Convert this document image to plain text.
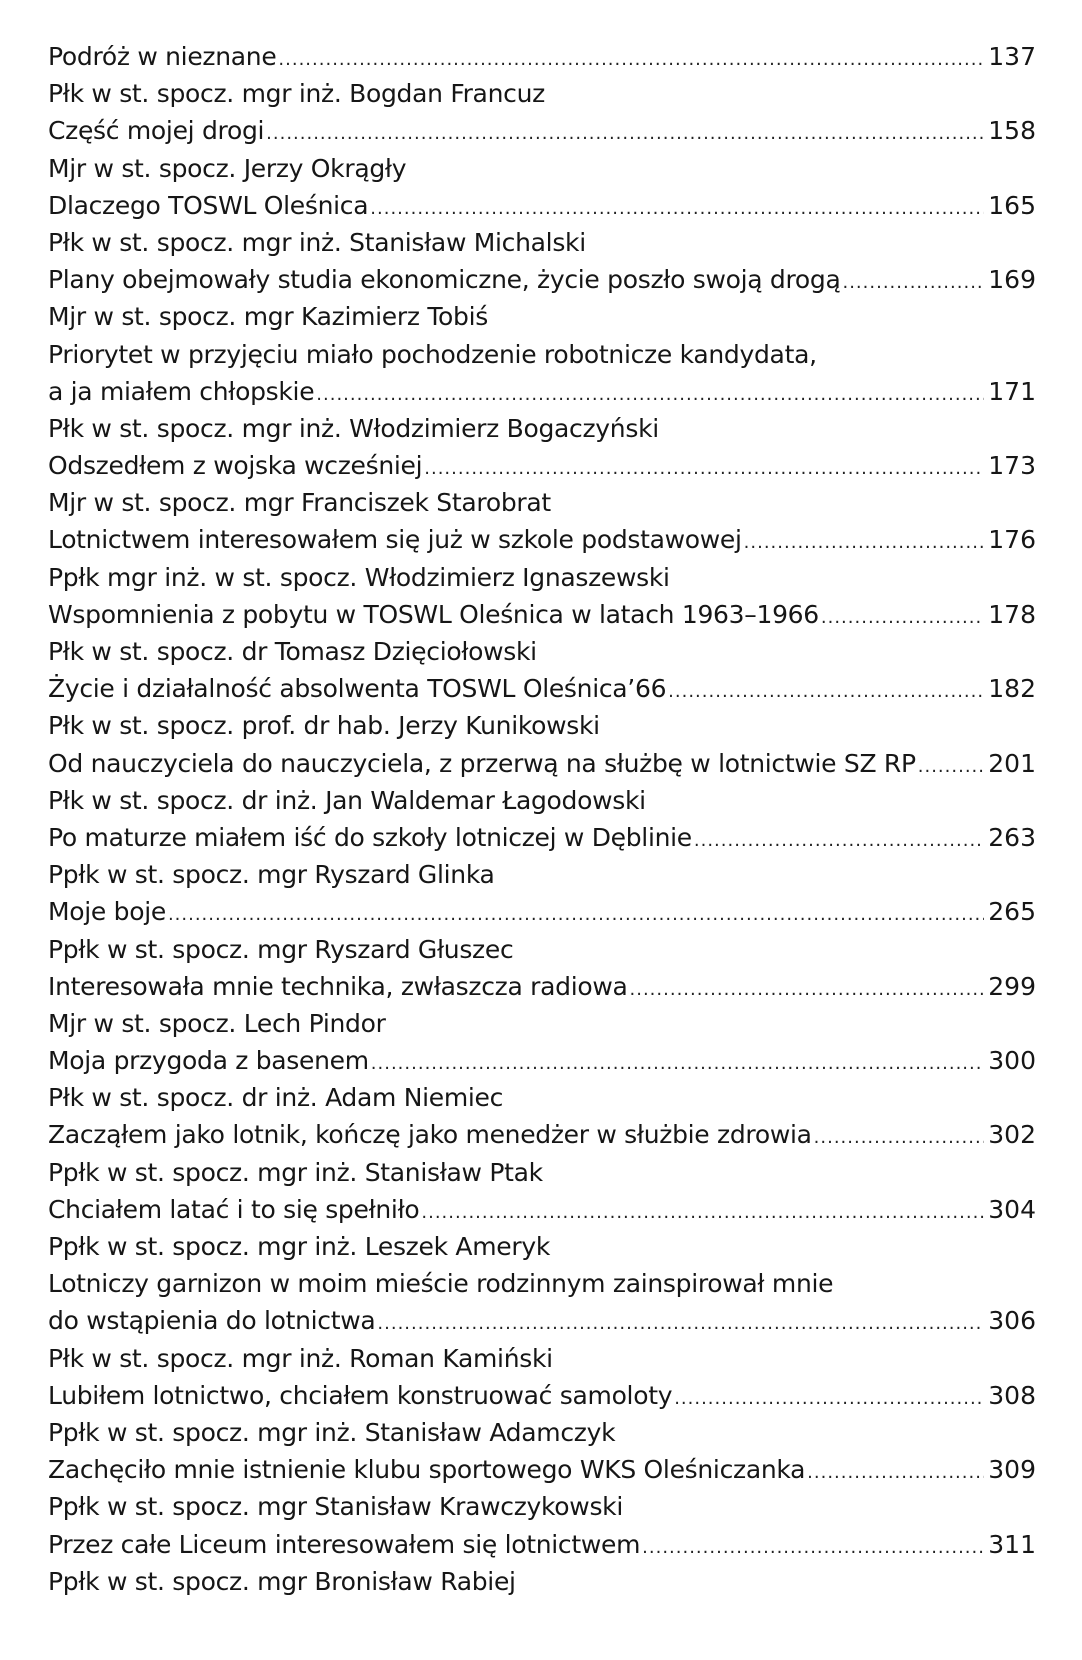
Podróż w nieznane .....	137
Płk w st. spocz. mgr inż. Bogdan Francuz
Część mojej drogi .....	158
Mjr w st. spocz. Jerzy Okrągły
Dlaczego TOSWL Oleśnica .....	165
Płk w st. spocz. mgr inż. Stanisław Michalski
Plany obejmowały studia ekonomiczne, życie poszło swoją drogą .....	169
Mjr w st. spocz. mgr Kazimierz Tobiś
Priorytet w przyjęciu miało pochodzenie robotnicze kandydata,
a ja miałem chłopskie .....	171
Płk w st. spocz. mgr inż. Włodzimierz Bogaczyński
Odszedłem z wojska wcześniej .....	173
Mjr w st. spocz. mgr Franciszek Starobrat
Lotnictwem interesowałem się już w szkole podstawowej .....	176
Ppłk mgr inż. w st. spocz. Włodzimierz Ignaszewski
Wspomnienia z pobytu w TOSWL Oleśnica w latach 1963–1966 .....	178
Płk w st. spocz. dr Tomasz Dzięciołowski
Życie i działalność absolwenta TOSWL Oleśnica’66 .....	182
Płk w st. spocz. prof. dr hab. Jerzy Kunikowski
Od nauczyciela do nauczyciela, z przerwą na służbę w lotnictwie SZ RP .....	201
Płk w st. spocz. dr inż. Jan Waldemar Łagodowski
Po maturze miałem iść do szkoły lotniczej w Dęblinie .....	263
Ppłk w st. spocz. mgr Ryszard Glinka
Moje boje .....	265
Ppłk w st. spocz. mgr Ryszard Głuszec
Interesowała mnie technika, zwłaszcza radiowa .....	299
Mjr w st. spocz. Lech Pindor
Moja przygoda z basenem .....	300
Płk w st. spocz. dr inż. Adam Niemiec
Zacząłem jako lotnik, kończę jako menedżer w służbie zdrowia .....	302
Ppłk w st. spocz. mgr inż. Stanisław Ptak
Chciałem latać i to się spełniło .....	304
Ppłk w st. spocz. mgr inż. Leszek Ameryk
Lotniczy garnizon w moim mieście rodzinnym zainspirował mnie
do wstąpienia do lotnictwa .....	306
Płk w st. spocz. mgr inż. Roman Kamiński
Lubiłem lotnictwo, chciałem konstruować samoloty .....	308
Ppłk w st. spocz. mgr inż. Stanisław Adamczyk
Zachęciło mnie istnienie klubu sportowego WKS Oleśniczanka .....	309
Ppłk w st. spocz. mgr Stanisław Krawczykowski
Przez całe Liceum interesowałem się lotnictwem .....	311
Ppłk w st. spocz. mgr Bronisław Rabiej
